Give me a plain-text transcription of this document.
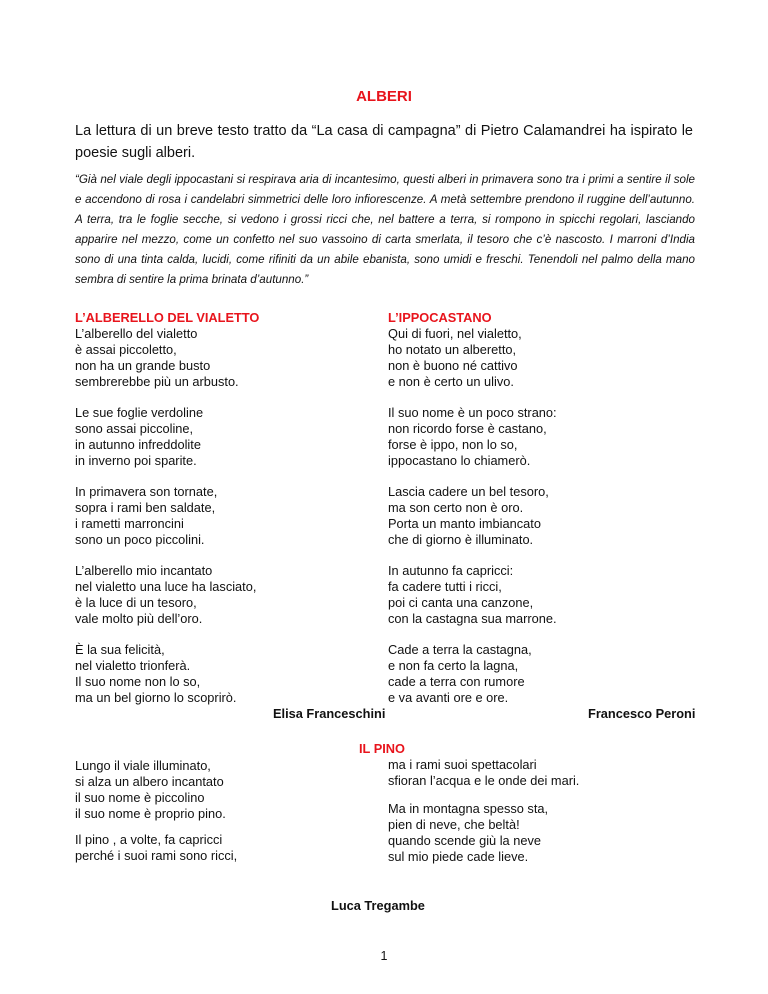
ALBERI
La lettura di un breve testo tratto da “La casa di campagna” di Pietro Calamandrei ha ispirato le poesie sugli alberi.
“Già nel viale degli ippocastani si respirava aria di incantesimo, questi alberi in primavera sono tra i primi a sentire il sole e accendono di rosa i candelabri simmetrici delle loro infiorescenze. A metà settembre prendono il ruggine dell’autunno. A terra, tra le foglie secche, si vedono i grossi ricci che, nel battere a terra, si rompono in spicchi regolari, lasciando apparire nel mezzo, come un confetto nel suo vassoino di carta smerlata, il tesoro che c’è nascosto. I marroni d’India sono di una tinta calda, lucidi, come rifiniti da un abile ebanista, sono umidi e freschi. Tenendoli nel palmo della mano sembra di sentire la prima brinata d’autunno.”
L’ALBERELLO DEL VIALETTO
L’alberello del vialetto
è assai piccoletto,
non ha un grande busto
sembrerebbe più un arbusto.
Le sue foglie verdoline
sono assai piccoline,
in autunno infreddolite
in inverno poi sparite.
In primavera son tornate,
sopra i rami ben saldate,
i rametti marroncini
sono un poco piccolini.
L’alberello mio incantato
nel vialetto una luce ha lasciato,
è la luce di un tesoro,
vale molto più dell’oro.
È la sua felicità,
nel vialetto trionferà.
Il suo nome non lo so,
ma un bel giorno lo scoprirò.
Elisa Franceschini
L’IPPOCASTANO
Qui di fuori, nel vialetto,
ho notato un alberetto,
non è buono né cattivo
e non è certo un ulivo.
Il suo nome è un poco strano:
non ricordo forse è castano,
forse è ippo, non lo so,
ippocastano lo chiamerò.
Lascia cadere un bel tesoro,
ma son certo non è oro.
Porta un manto imbiancato
che di giorno è illuminato.
In autunno fa capricci:
fa cadere tutti i ricci,
poi ci canta una canzone,
con la castagna sua marrone.
Cade a terra la castagna,
e non fa certo la lagna,
cade a terra con rumore
e va avanti ore e ore.
Francesco Peroni
IL PINO
Lungo il viale illuminato,
si alza un albero incantato
il suo nome è piccolino
il suo nome è proprio pino.
Il pino , a volte, fa capricci
perché i suoi rami sono ricci,
ma i rami suoi spettacolari
sfioran l’acqua e le onde dei mari.
Ma in montagna spesso sta,
pien di neve, che beltà!
quando scende giù la neve
sul mio piede cade lieve.
Luca Tregambe
1
